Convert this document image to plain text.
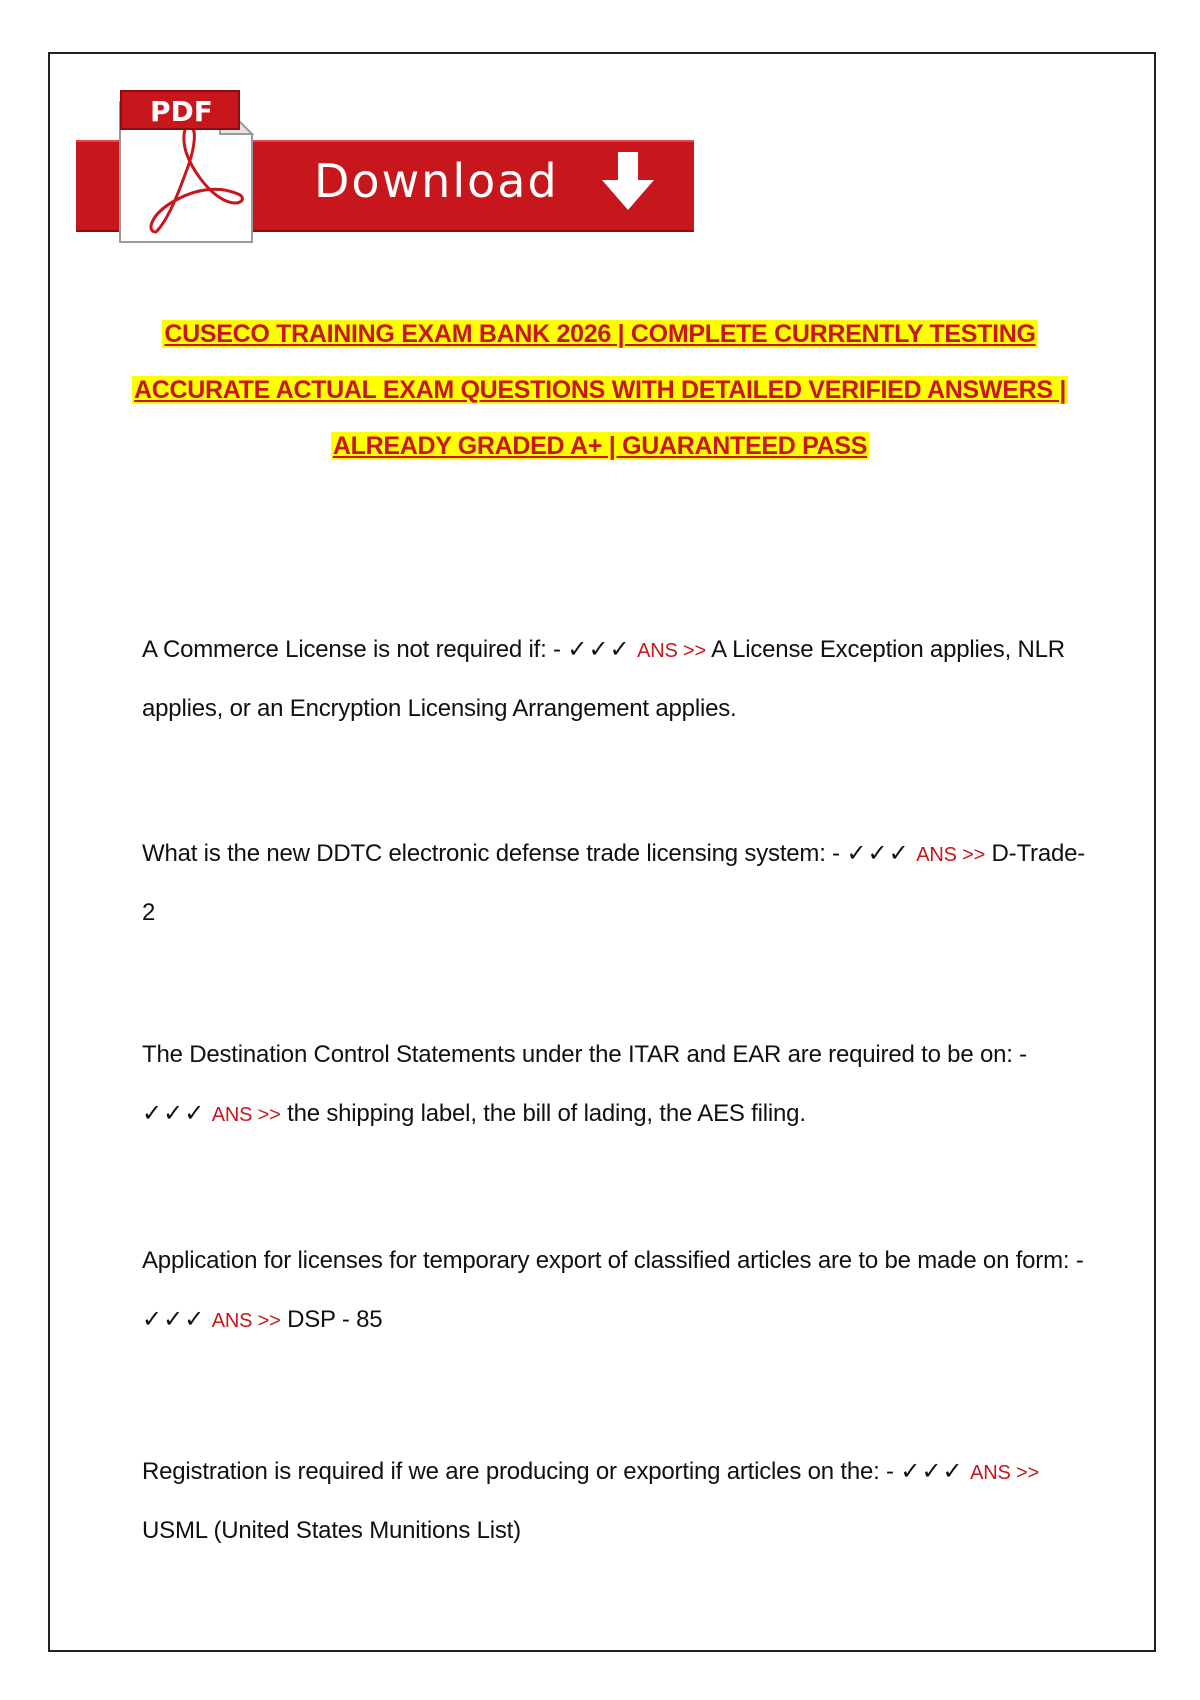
Download
PDF
CUSECO TRAINING EXAM BANK 2026 | COMPLETE CURRENTLY TESTING
ACCURATE ACTUAL EXAM QUESTIONS WITH DETAILED VERIFIED ANSWERS |
ALREADY GRADED A+ | GUARANTEED PASS
A Commerce License is not required if: - ✓✓✓ ANS >> A License Exception applies, NLR applies, or an Encryption Licensing Arrangement applies.
What is the new DDTC electronic defense trade licensing system: - ✓✓✓ ANS >> D-Trade-2
The Destination Control Statements under the ITAR and EAR are required to be on: - ✓✓✓ ANS >> the shipping label, the bill of lading, the AES filing.
Application for licenses for temporary export of classified articles are to be made on form: - ✓✓✓ ANS >> DSP - 85
Registration is required if we are producing or exporting articles on the: - ✓✓✓ ANS >> USML (United States Munitions List)
